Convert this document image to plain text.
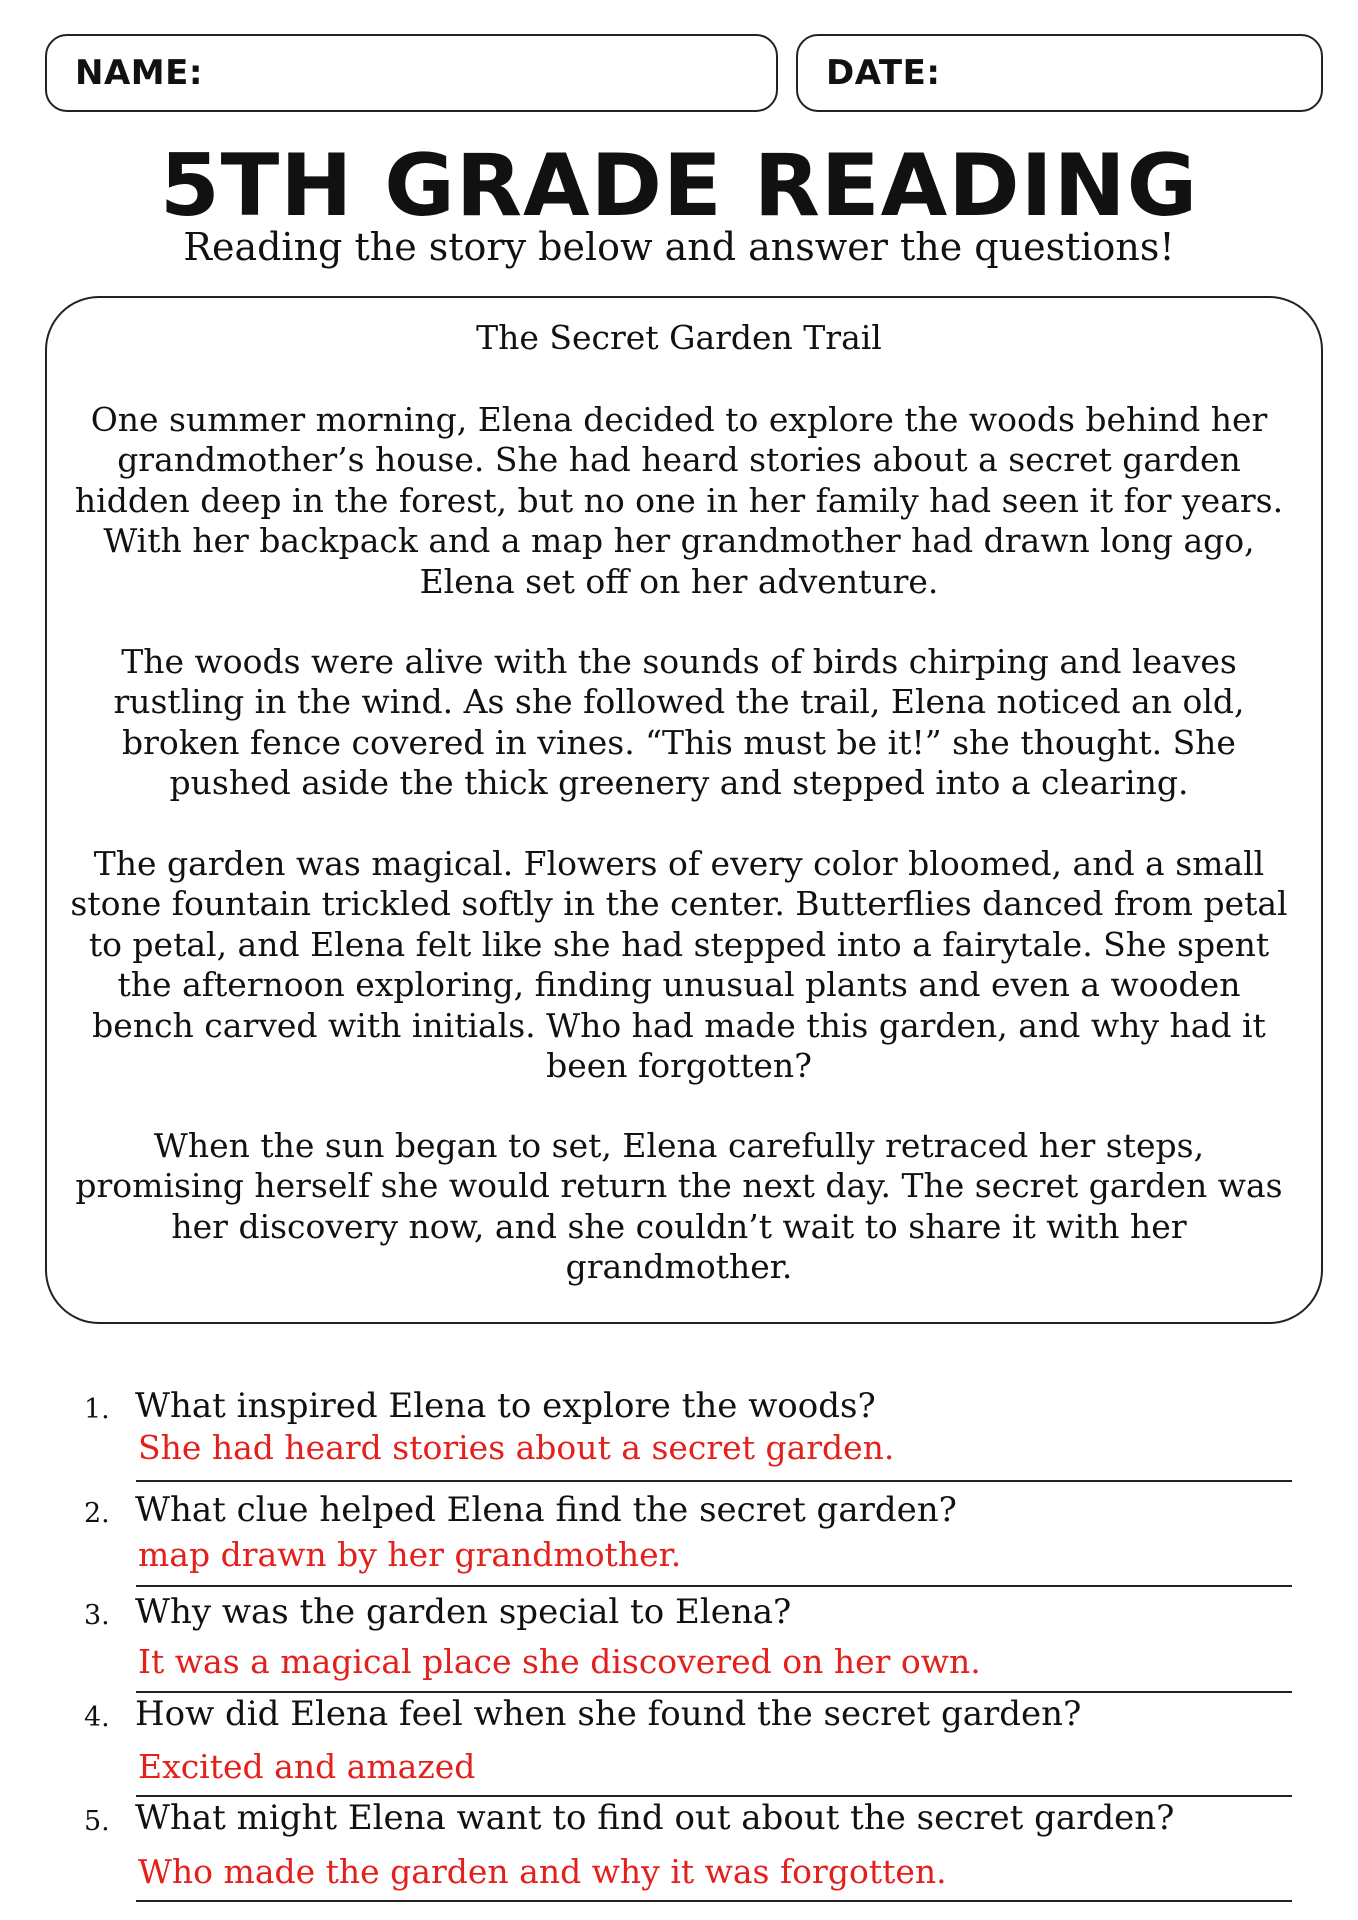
NAME:	DATE:
5TH GRADE READING
Reading the story below and answer the questions!
The Secret Garden Trail

One summer morning, Elena decided to explore the woods behind her grandmother’s house. She had heard stories about a secret garden hidden deep in the forest, but no one in her family had seen it for years. With her backpack and a map her grandmother had drawn long ago, Elena set off on her adventure.

The woods were alive with the sounds of birds chirping and leaves rustling in the wind. As she followed the trail, Elena noticed an old, broken fence covered in vines. “This must be it!” she thought. She pushed aside the thick greenery and stepped into a clearing.

The garden was magical. Flowers of every color bloomed, and a small stone fountain trickled softly in the center. Butterflies danced from petal to petal, and Elena felt like she had stepped into a fairytale. She spent the afternoon exploring, finding unusual plants and even a wooden bench carved with initials. Who had made this garden, and why had it been forgotten?

When the sun began to set, Elena carefully retraced her steps, promising herself she would return the next day. The secret garden was her discovery now, and she couldn’t wait to share it with her grandmother.

1. What inspired Elena to explore the woods?
She had heard stories about a secret garden.
2. What clue helped Elena find the secret garden?
map drawn by her grandmother.
3. Why was the garden special to Elena?
It was a magical place she discovered on her own.
4. How did Elena feel when she found the secret garden?
Excited and amazed
5. What might Elena want to find out about the secret garden?
Who made the garden and why it was forgotten.
